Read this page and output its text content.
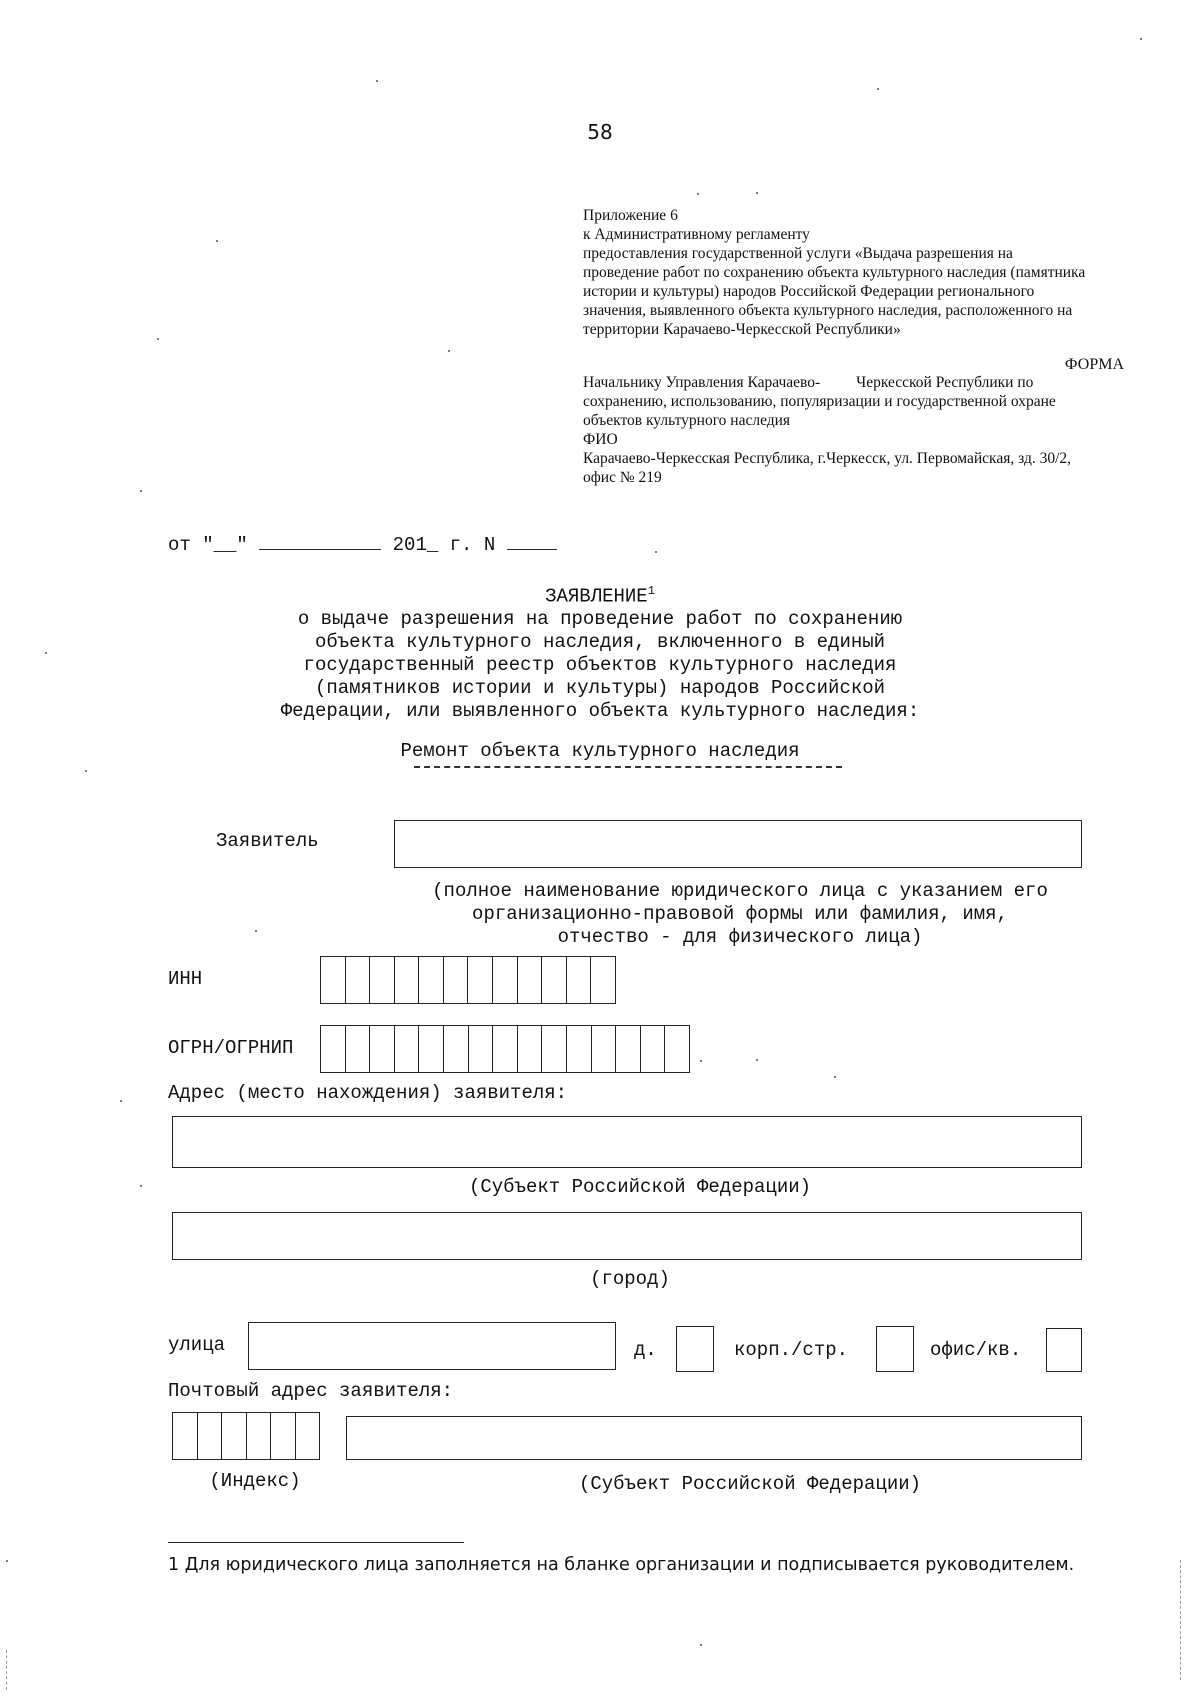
58
Приложение 6
к Административному регламенту
предоставления государственной услуги «Выдача разрешения на
проведение работ по сохранению объекта культурного наследия (памятника
истории и культуры) народов Российской Федерации регионального
значения, выявленного объекта культурного наследия, расположенного на
территории Карачаево-Черкесской Республики»
ФОРМА
Начальнику Управления Карачаево- Черкесской Республики по
сохранению, использованию, популяризации и государственной охране
объектов культурного наследия
ФИО
Карачаево-Черкесская Республика, г.Черкесск, ул. Первомайская, зд. 30/2,
офис № 219
от "__"	201_ г. N
ЗАЯВЛЕНИЕ$^1$
о выдаче разрешения на проведение работ по сохранению
объекта культурного наследия, включенного в единый
государственный реестр объектов культурного наследия
(памятников истории и культуры) народов Российской
Федерации, или выявленного объекта культурного наследия:
Ремонт объекта культурного наследия
Заявитель
(полное наименование юридического лица с указанием его
организационно-правовой формы или фамилия, имя,
отчество - для физического лица)
ИНН
ОГРН/ОГРНИП
Адрес (место нахождения) заявителя:
(Субъект Российской Федерации)
(город)
улица	д.	корп./стр.	офис/кв.
Почтовый адрес заявителя:
(Индекс)	(Субъект Российской Федерации)
1 Для юридического лица заполняется на бланке организации и подписывается руководителем.
